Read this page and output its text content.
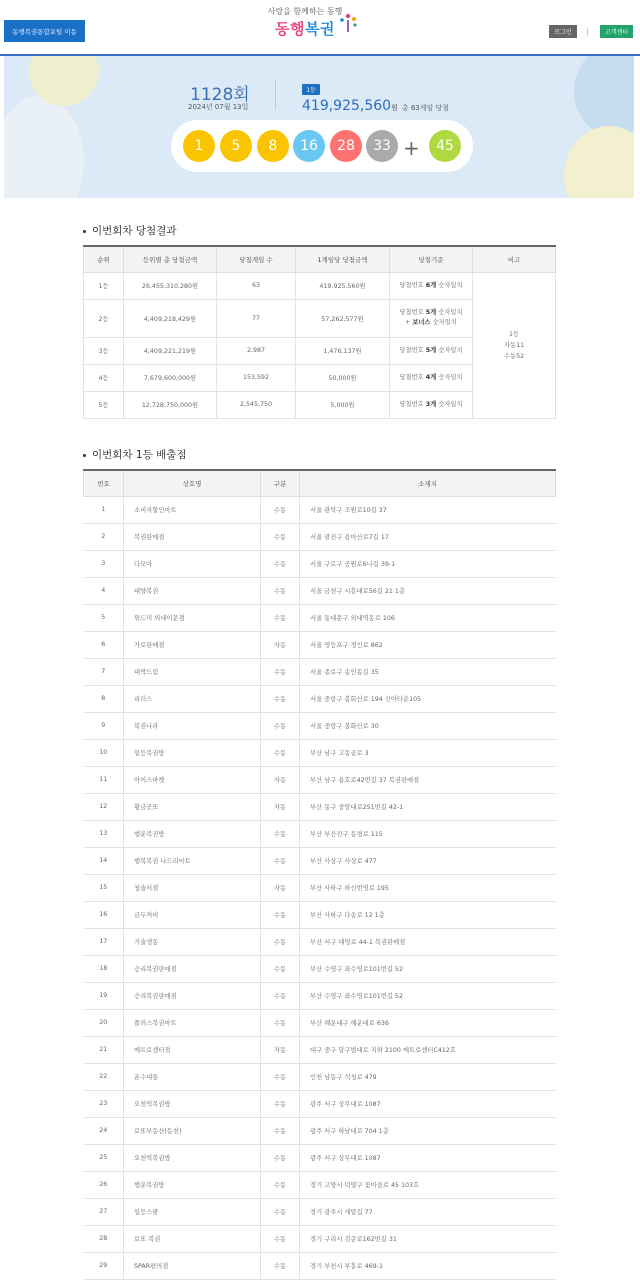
동행복권통합포털 이동
사랑을 함께하는 동행
동행복권	로그인	고객센터
1128회
2024년 07월 13일
1등
419,925,560원 총 63게임 당첨
1	5	8	16	28	33 +	45
이번회차 당첨결과
순위	등위별 총 당첨금액	당첨게임 수	1게임당 당첨금액	당첨기준	비고
1등	26,455,310,280원	63	419,925,560원	당첨번호 6개 숫자일치	1등
자동11
수동52
2등	4,409,218,429원	77	57,262,577원	당첨번호 5개 숫자일치
+ 보너스 숫자일치	
3등	4,409,221,219원	2,987	1,476,137원	당첨번호 5개 숫자일치	
4등	7,679,600,000원	153,592	50,000원	당첨번호 4개 숫자일치	
5등	12,728,750,000원	2,545,750	5,000원	당첨번호 3개 숫자일치	
이번회차 1등 배출점
번호	상호명	구분	소재지
1	소비자할인마트	수동	서울 관악구 조원로10길 37
2	복권판매점	수동	서울 광진구 용마산로7길 17
3	다모아	수동	서울 구로구 공원로6나길 39-1
4	대양복권	수동	서울 금천구 시흥대로56길 21 1층
5	위드미 외대이문점	수동	서울 동대문구 외대역동로 106
6	가로판매점	자동	서울 영등포구 경인로 862
7	대박드림	수동	서울 종로구 송인동길 35
8	리더스	수동	서울 중랑구 봉화산로 194 신아타운105
9	복권나라	수동	서울 중랑구 봉화산로 30
10	일등복권방	수동	부산 남구 고동골로 3
11	아이스바켓	자동	부산 남구 용호로42번길 37 복권판매점
12	황금곳또	자동	부산 동구 중앙대로251번길 42-1
13	행운복권방	수동	부산 부산진구 동평로 115
14	행복복권 나드리마트	수동	부산 사상구 사상로 477
15	청솔서점	자동	부산 사하구 하신번영로 195
16	금두꺼비	수동	부산 사하구 다송로 12 1층
17	기술생동	수동	부산 서구 대영로 44-1 복권판매점
18	승리복권판매점	수동	부산 수영구 좌수영로101번길 52
19	승리복권판매점	수동	부산 수영구 좌수영로101번길 52
20	플러스복권마트	수동	부산 해운대구 해운대로 636
21	메트로센터점	자동	대구 중구 달구벌대로 지하 2100 메트로센터C412호
22	운수대통	수동	인천 남동구 석청로 479
23	오천억복권방	수동	광주 서구 상무대로 1087
24	로또부동산(동천)	수동	광주 서구 하남대로 704 1층
25	오천억복권방	수동	광주 서구 상무대로 1087
26	행운복권방	수동	경기 고양시 덕양구 꽃마을로 45 103호
27	일등스팟	수동	경기 광주시 새말길 77
28	로또 복권	수동	경기 구리시 검준로162번길 31
29	SPAR편의점	수동	경기 부천시 부흥로 469-1
